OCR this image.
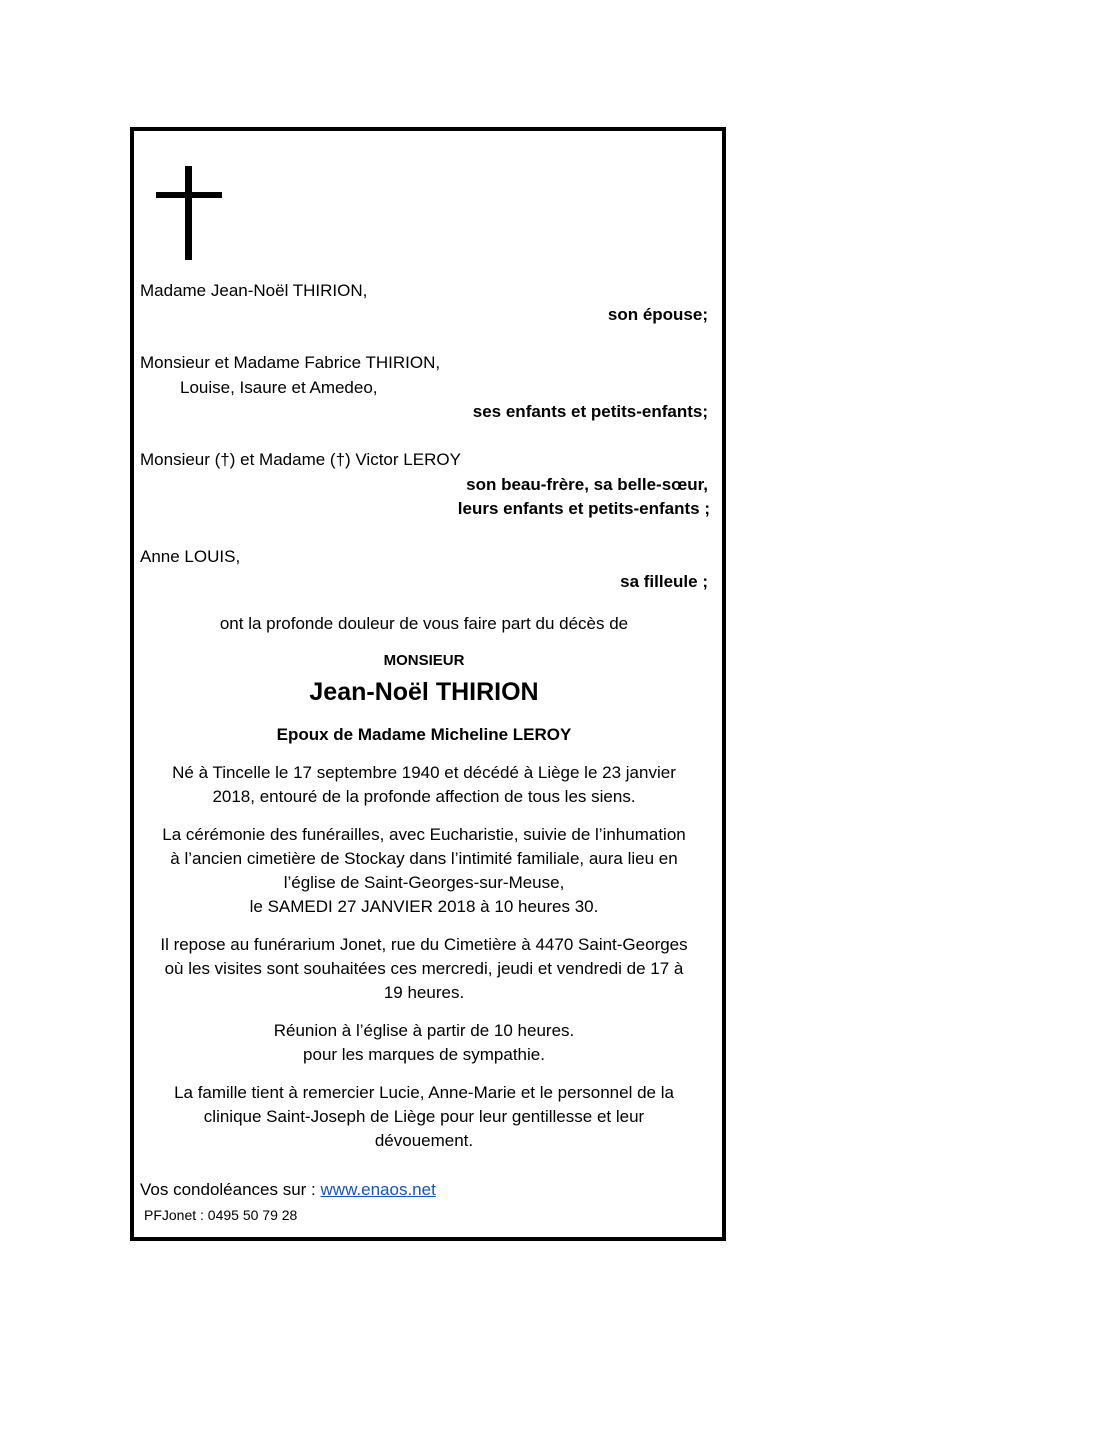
Madame Jean-Noël THIRION,
son épouse;
Monsieur et Madame Fabrice THIRION,
Louise, Isaure et Amedeo,
ses enfants et petits-enfants;
Monsieur (†) et Madame (†) Victor LEROY
son beau-frère, sa belle-sœur,
leurs enfants et petits-enfants ;
Anne LOUIS,
sa filleule ;
ont la profonde douleur de vous faire part du décès de
MONSIEUR
Jean-Noël THIRION
Epoux de Madame Micheline LEROY
Né à Tincelle le 17 septembre 1940 et décédé à Liège le 23 janvier
2018, entouré de la profonde affection de tous les siens.
La cérémonie des funérailles, avec Eucharistie, suivie de l’inhumation
à l’ancien cimetière de Stockay dans l’intimité familiale, aura lieu en
l’église de Saint-Georges-sur-Meuse,
le SAMEDI 27 JANVIER 2018 à 10 heures 30.
Il repose au funérarium Jonet, rue du Cimetière à 4470 Saint-Georges
où les visites sont souhaitées ces mercredi, jeudi et vendredi de 17 à
19 heures.
Réunion à l’église à partir de 10 heures.
pour les marques de sympathie.
La famille tient à remercier Lucie, Anne-Marie et le personnel de la
clinique Saint-Joseph de Liège pour leur gentillesse et leur
dévouement.
Vos condoléances sur : www.enaos.net
PFJonet : 0495 50 79 28
